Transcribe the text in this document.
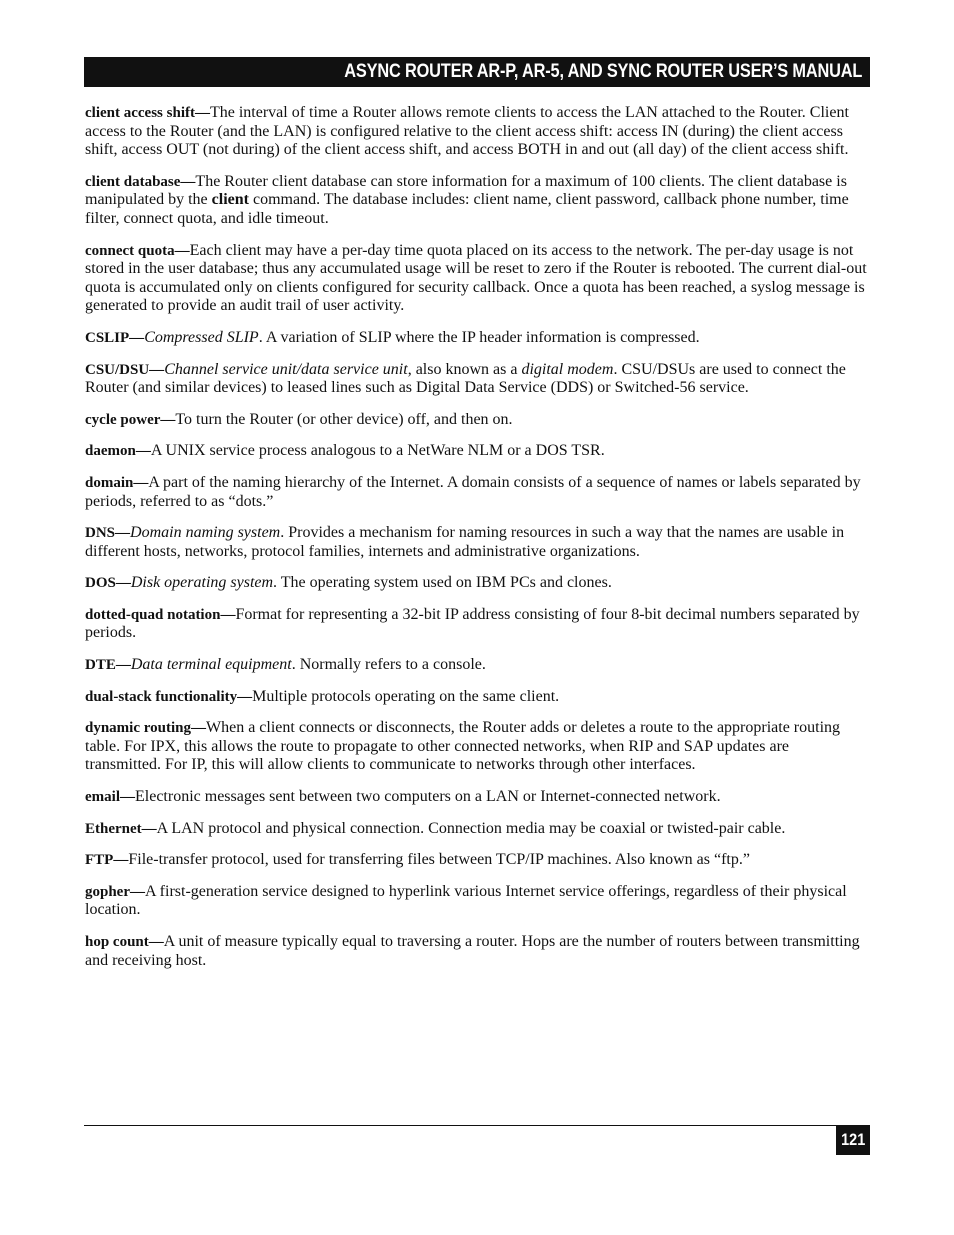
ASYNC ROUTER AR-P, AR-5, AND SYNC ROUTER USER’S MANUAL

client access shift—The interval of time a Router allows remote clients to access the LAN attached to the Router. Client access to the Router (and the LAN) is configured relative to the client access shift: access IN (during) the client access shift, access OUT (not during) of the client access shift, and access BOTH in and out (all day) of the client access shift.

client database—The Router client database can store information for a maximum of 100 clients. The client database is manipulated by the client command. The database includes: client name, client password, callback phone number, time filter, connect quota, and idle timeout.

connect quota—Each client may have a per-day time quota placed on its access to the network. The per-day usage is not stored in the user database; thus any accumulated usage will be reset to zero if the Router is rebooted. The current dial-out quota is accumulated only on clients configured for security callback. Once a quota has been reached, a syslog message is generated to provide an audit trail of user activity.

CSLIP—Compressed SLIP. A variation of SLIP where the IP header information is compressed.

CSU/DSU—Channel service unit/data service unit, also known as a digital modem. CSU/DSUs are used to connect the Router (and similar devices) to leased lines such as Digital Data Service (DDS) or Switched-56 service.

cycle power—To turn the Router (or other device) off, and then on.

daemon—A UNIX service process analogous to a NetWare NLM or a DOS TSR.

domain—A part of the naming hierarchy of the Internet. A domain consists of a sequence of names or labels separated by periods, referred to as “dots.”

DNS—Domain naming system. Provides a mechanism for naming resources in such a way that the names are usable in different hosts, networks, protocol families, internets and administrative organizations.

DOS—Disk operating system. The operating system used on IBM PCs and clones.

dotted-quad notation—Format for representing a 32-bit IP address consisting of four 8-bit decimal numbers separated by periods.

DTE—Data terminal equipment. Normally refers to a console.

dual-stack functionality—Multiple protocols operating on the same client.

dynamic routing—When a client connects or disconnects, the Router adds or deletes a route to the appropriate routing table. For IPX, this allows the route to propagate to other connected networks, when RIP and SAP updates are transmitted. For IP, this will allow clients to communicate to networks through other interfaces.

email—Electronic messages sent between two computers on a LAN or Internet-connected network.

Ethernet—A LAN protocol and physical connection. Connection media may be coaxial or twisted-pair cable.

FTP—File-transfer protocol, used for transferring files between TCP/IP machines. Also known as “ftp.”

gopher—A first-generation service designed to hyperlink various Internet service offerings, regardless of their physical location.

hop count—A unit of measure typically equal to traversing a router. Hops are the number of routers between transmitting and receiving host.

121
